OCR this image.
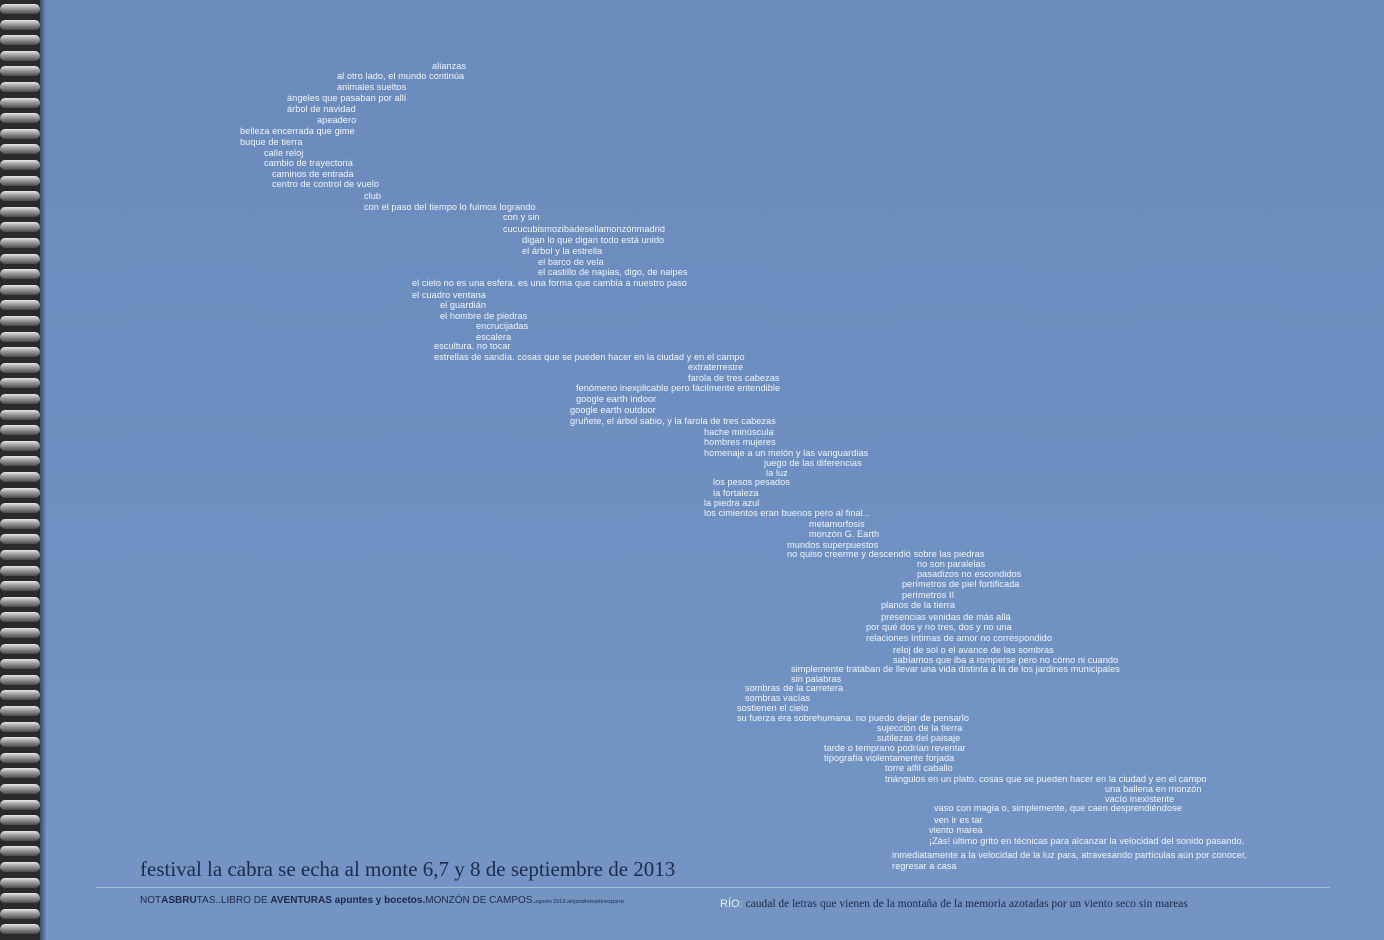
alianzas
al otro lado, el mundo continúa
animales sueltos
ángeles que pasaban por allí
árbol de navidad
apeadero
belleza encerrada que gime
buque de tierra
calle reloj
cambio de trayectoria
caminos de entrada
centro de control de vuelo
club
con el paso del tiempo lo fuimos logrando
con y sin
cucucubismozibadesellamonzónmadrid
digan lo que digan todo está unido
el árbol y la estrella
el barco de vela
el castillo de napias, digo, de naipes
el cielo no es una esfera. es una forma que cambia a nuestro paso
el cuadro ventana
el guardián
el hombre de piedras
encrucijadas
escalera
escultura. no tocar
estrellas de sandía. cosas que se pueden hacer en la ciudad y en el campo
extraterrestre
farola de tres cabezas
fenómeno inexplicable pero fácilmente entendible
google earth indoor
google earth outdoor
gruñete, el árbol sabio, y la farola de tres cabezas
hache minúscula
hombres mujeres
homenaje a un melón y las vanguardias
juego de las diferencias
la luz
los pesos pesados
la fortaleza
la piedra azul
los cimientos eran buenos pero al final...
metamorfosis
monzón G. Earth
mundos superpuestos
no quiso creerme y descendió sobre las piedras
no son paralelas
pasadizos no escondidos
perímetros de piel fortificada
perímetros II
planos de la tierra
presencias venidas de más allá
por qué dos y no tres, dos y no una
relaciones íntimas de amor no correspondido
reloj de sol o el avance de las sombras
sabíamos que iba a romperse pero no cómo ni cuando
simplemente trataban de llevar una vida distinta a la de los jardines municipales
sin palabras
sombras de la carretera
sombras vacías
sostienen el cielo
su fuerza era sobrehumana. no puedo dejar de pensarlo
sujección de la tierra
sutilezas del paisaje
tarde o temprano podrían reventar
tipografía violentamente forjada
torre alfil caballo
triángulos en un plato. cosas que se pueden hacer en la ciudad y en el campo
una ballena en monzón
vacío inexistente
vaso con magia o, simplemente, que caen desprendiéndose
ven ir es tar
viento marea
¡Zás! último grito en técnicas para alcanzar la velocidad del sonido pasando,
inmediatamente a la velocidad de la luz para, atravesando partículas aún por conocer,
regresar a casa
festival la cabra se echa al monte 6,7 y 8 de septiembre de 2013
NOTASBRUTAS..LIBRO DE AVENTURAS apuntes y bocetos.MONZÓN DE CAMPOS.agosto 2013.alejandromartinezparra	RÍO: caudal de letras que vienen de la montaña de la memoria azotadas por un viento seco sin mareas
